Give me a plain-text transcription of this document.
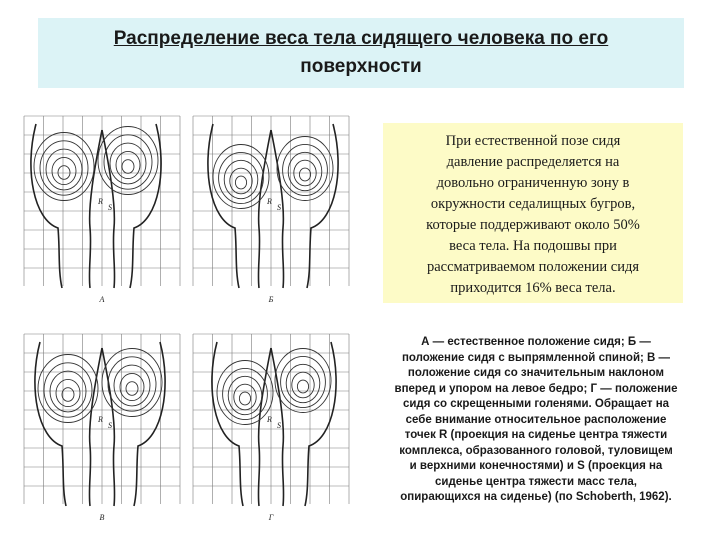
Распределение веса тела сидящего человека по его
поверхности
R
S
А
R
S
Б
R
S
В
R
S
Г
При естественной позе сидя
давление распределяется на
довольно ограниченную зону в
окружности седалищных бугров,
которые поддерживают около 50%
веса тела. На подошвы при
рассматриваемом положении сидя
приходится 16% веса тела.
А — естественное положение сидя; Б —
положение сидя с выпрямленной спиной; В —
положение сидя со значительным наклоном
вперед и упором на левое бедро; Г — положение
сидя со скрещенными голенями. Обращает на
себе внимание относительное расположение
точек R (проекция на сиденье центра тяжести
комплекса, образованного головой, туловищем
и верхними конечностями) и S (проекция на
сиденье центра тяжести масс тела,
опирающихся на сиденье) (по Schoberth, 1962).
